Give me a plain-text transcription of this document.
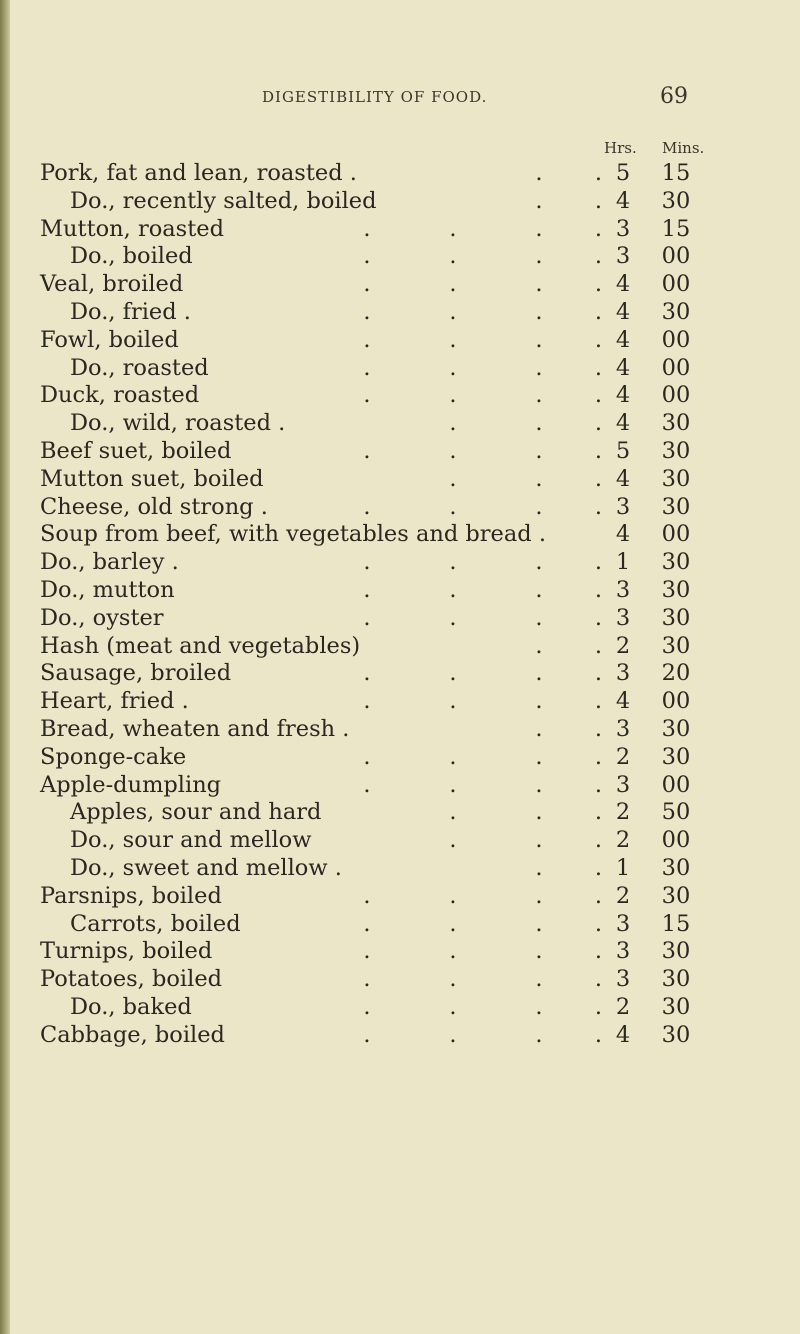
DIGESTIBILITY OF FOOD.	69
Hrs. Mins.
Pork, fat and lean, roasted .	. . 5	15
Do., recently salted, boiled	. . 4	30
Mutton, roasted	.	.	. . 3	15
Do., boiled	.	.	. . 3	00
Veal, broiled	.	.	. . 4	00
Do., fried .	.	.	. . 4	30
Fowl, boiled	.	.	. . 4	00
Do., roasted	.	.	. . 4	00
Duck, roasted	.	.	. . 4	00
Do., wild, roasted .	.	. . 4	30
Beef suet, boiled	.	.	. . 5	30
Mutton suet, boiled	.	. . 4	30
Cheese, old strong .	.	.	. . 3	30
Soup from beef, with vegetables and bread .	4	00
Do., barley .	.	.	. . 1	30
Do., mutton	.	.	. . 3	30
Do., oyster	.	.	. . 3	30
Hash (meat and vegetables)	. . 2	30
Sausage, broiled	.	.	. . 3	20
Heart, fried .	.	.	. . 4	00
Bread, wheaten and fresh .	. . 3	30
Sponge-cake	.	.	. . 2	30
Apple-dumpling	.	.	. . 3	00
Apples, sour and hard	.	. . 2	50
Do., sour and mellow	.	. . 2	00
Do., sweet and mellow .	. . 1	30
Parsnips, boiled	.	.	. . 2	30
Carrots, boiled	.	.	. . 3	15
Turnips, boiled	.	.	. . 3	30
Potatoes, boiled	.	.	. . 3	30
Do., baked	.	.	. . 2	30
Cabbage, boiled	.	.	. . 4	30
